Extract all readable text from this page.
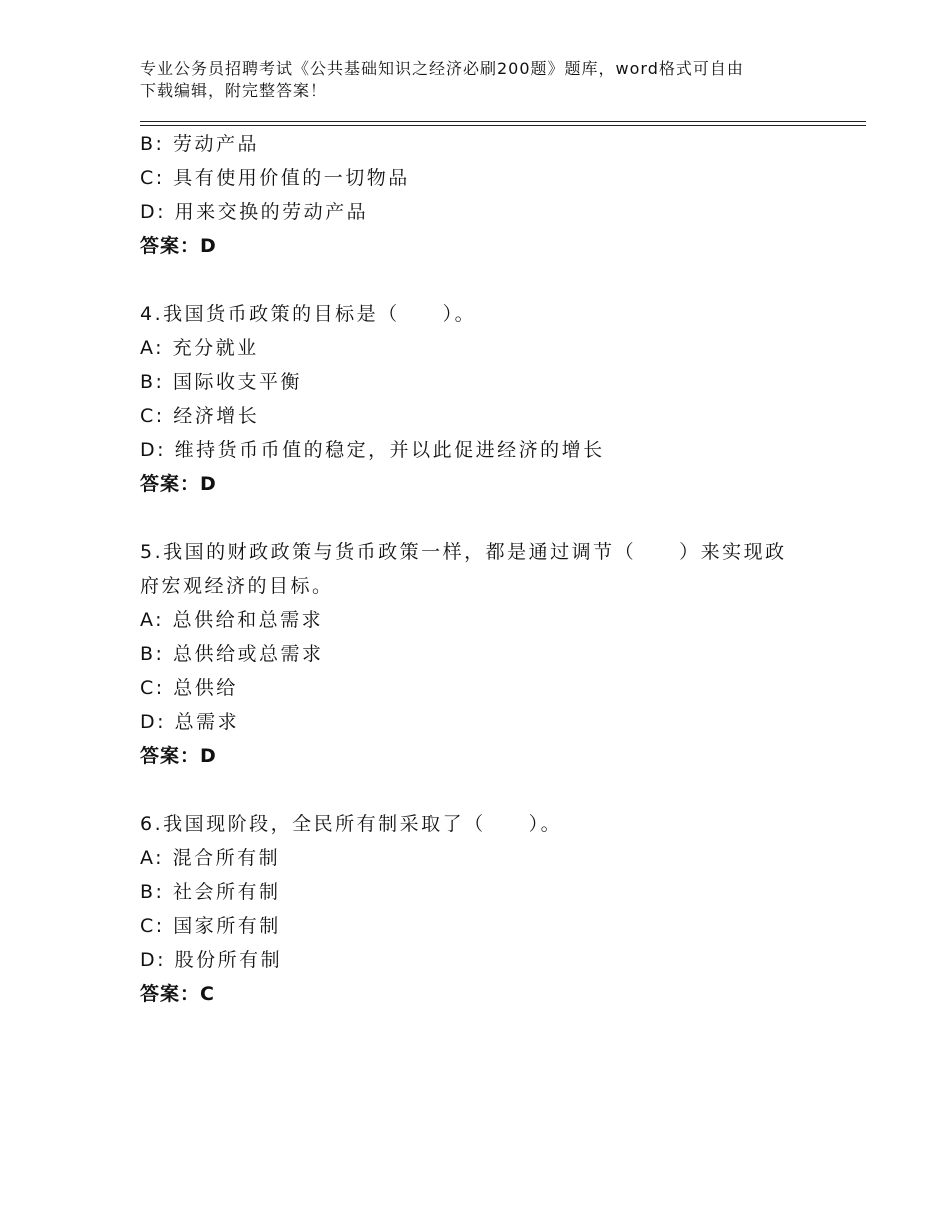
专业公务员招聘考试《公共基础知识之经济必刷200题》题库，word格式可自由
下载编辑，附完整答案！
B: 劳动产品
C: 具有使用价值的一切物品
D: 用来交换的劳动产品
答案：D
4.我国货币政策的目标是（　　）。
A: 充分就业
B: 国际收支平衡
C: 经济增长
D: 维持货币币值的稳定，并以此促进经济的增长
答案：D
5.我国的财政政策与货币政策一样，都是通过调节（　　）来实现政
府宏观经济的目标。
A: 总供给和总需求
B: 总供给或总需求
C: 总供给
D: 总需求
答案：D
6.我国现阶段，全民所有制采取了（　　）。
A: 混合所有制
B: 社会所有制
C: 国家所有制
D: 股份所有制
答案：C
